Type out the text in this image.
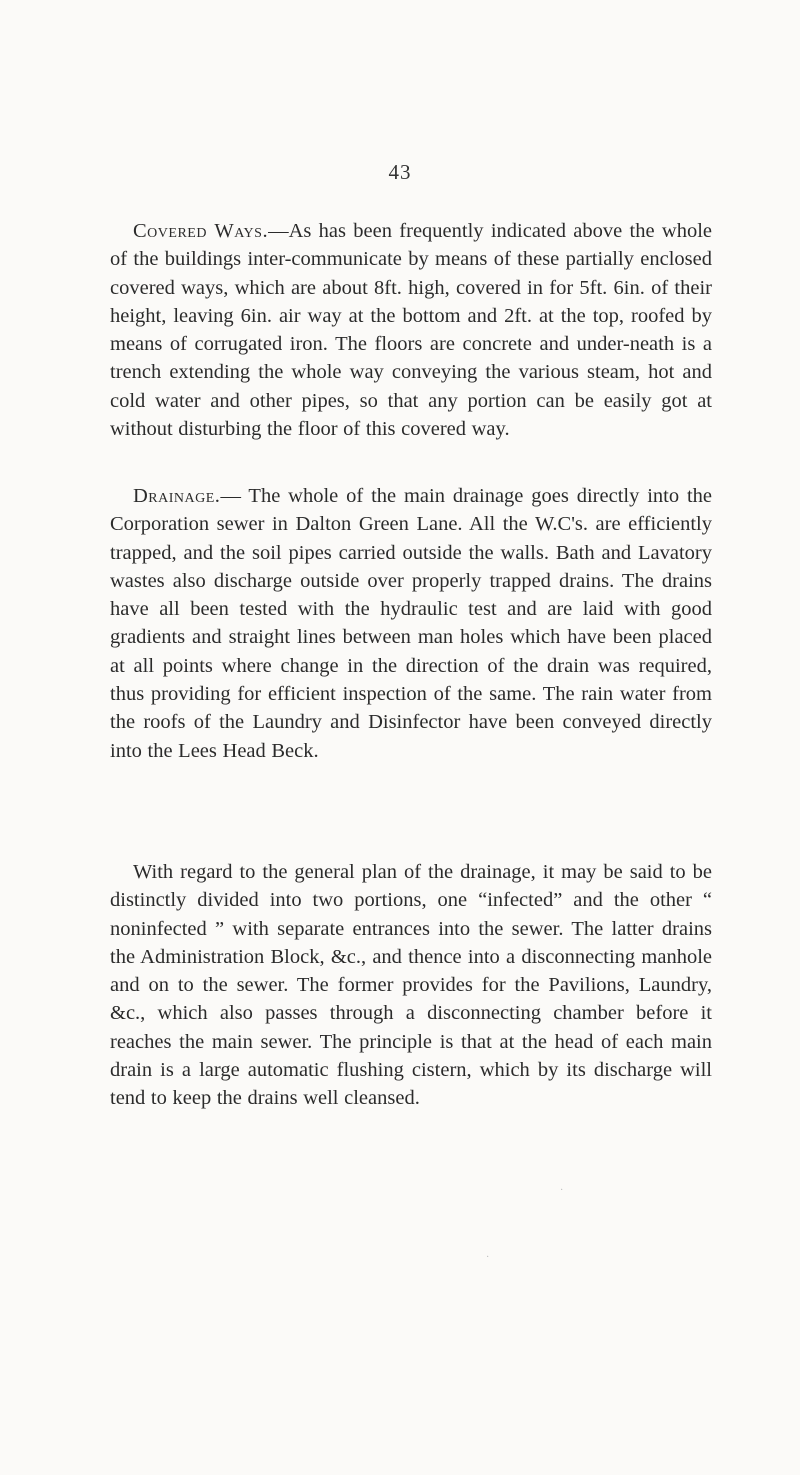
43

Covered Ways.—As has been frequently indicated above the whole of the buildings inter-communicate by means of these partially enclosed covered ways, which are about 8ft. high, covered in for 5ft. 6in. of their height, leaving 6in. air way at the bottom and 2ft. at the top, roofed by means of corrugated iron. The floors are concrete and under-neath is a trench extending the whole way conveying the various steam, hot and cold water and other pipes, so that any portion can be easily got at without disturbing the floor of this covered way.

Drainage.— The whole of the main drainage goes directly into the Corporation sewer in Dalton Green Lane. All the W.C's. are efficiently trapped, and the soil pipes carried outside the walls. Bath and Lavatory wastes also discharge outside over properly trapped drains. The drains have all been tested with the hydraulic test and are laid with good gradients and straight lines between man holes which have been placed at all points where change in the direction of the drain was required, thus providing for efficient inspection of the same. The rain water from the roofs of the Laundry and Disinfector have been conveyed directly into the Lees Head Beck.

With regard to the general plan of the drainage, it may be said to be distinctly divided into two portions, one “infected” and the other “ noninfected ” with separate entrances into the sewer. The latter drains the Administration Block, &c., and thence into a disconnecting manhole and on to the sewer. The former provides for the Pavilions, Laundry, &c., which also passes through a disconnecting chamber before it reaches the main sewer. The principle is that at the head of each main drain is a large automatic flushing cistern, which by its discharge will tend to keep the drains well cleansed.

·
·
